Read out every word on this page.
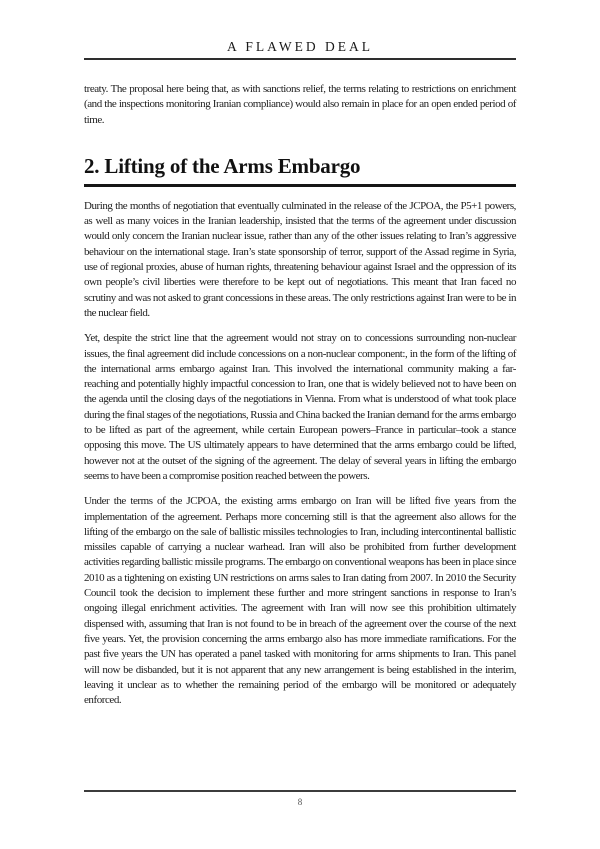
A FLAWED DEAL
treaty. The proposal here being that, as with sanctions relief, the terms relating to restrictions on enrichment (and the inspections monitoring Iranian compliance) would also remain in place for an open ended period of time.
2. Lifting of the Arms Embargo
During the months of negotiation that eventually culminated in the release of the JCPOA, the P5+1 powers, as well as many voices in the Iranian leadership, insisted that the terms of the agreement under discussion would only concern the Iranian nuclear issue, rather than any of the other issues relating to Iran’s aggressive behaviour on the international stage. Iran’s state sponsorship of terror, support of the Assad regime in Syria, use of regional proxies, abuse of human rights, threatening behaviour against Israel and the oppression of its own people’s civil liberties were therefore to be kept out of negotiations. This meant that Iran faced no scrutiny and was not asked to grant concessions in these areas. The only restrictions against Iran were to be in the nuclear field.
Yet, despite the strict line that the agreement would not stray on to concessions surrounding non-nuclear issues, the final agreement did include concessions on a non-nuclear component:, in the form of the lifting of the international arms embargo against Iran. This involved the international community making a far-reaching and potentially highly impactful concession to Iran, one that is widely believed not to have been on the agenda until the closing days of the negotiations in Vienna. From what is understood of what took place during the final stages of the negotiations, Russia and China backed the Iranian demand for the arms embargo to be lifted as part of the agreement, while certain European powers–France in particular–took a stance opposing this move. The US ultimately appears to have determined that the arms embargo could be lifted, however not at the outset of the signing of the agreement. The delay of several years in lifting the embargo seems to have been a compromise position reached between the powers.
Under the terms of the JCPOA, the existing arms embargo on Iran will be lifted five years from the implementation of the agreement. Perhaps more concerning still is that the agreement also allows for the lifting of the embargo on the sale of ballistic missiles technologies to Iran, including intercontinental ballistic missiles capable of carrying a nuclear warhead. Iran will also be prohibited from further development activities regarding ballistic missile programs. The embargo on conventional weapons has been in place since 2010 as a tightening on existing UN restrictions on arms sales to Iran dating from 2007. In 2010 the Security Council took the decision to implement these further and more stringent sanctions in response to Iran’s ongoing illegal enrichment activities. The agreement with Iran will now see this prohibition ultimately dispensed with, assuming that Iran is not found to be in breach of the agreement over the course of the next five years. Yet, the provision concerning the arms embargo also has more immediate ramifications. For the past five years the UN has operated a panel tasked with monitoring for arms shipments to Iran. This panel will now be disbanded, but it is not apparent that any new arrangement is being established in the interim, leaving it unclear as to whether the remaining period of the embargo will be monitored or adequately enforced.
8
